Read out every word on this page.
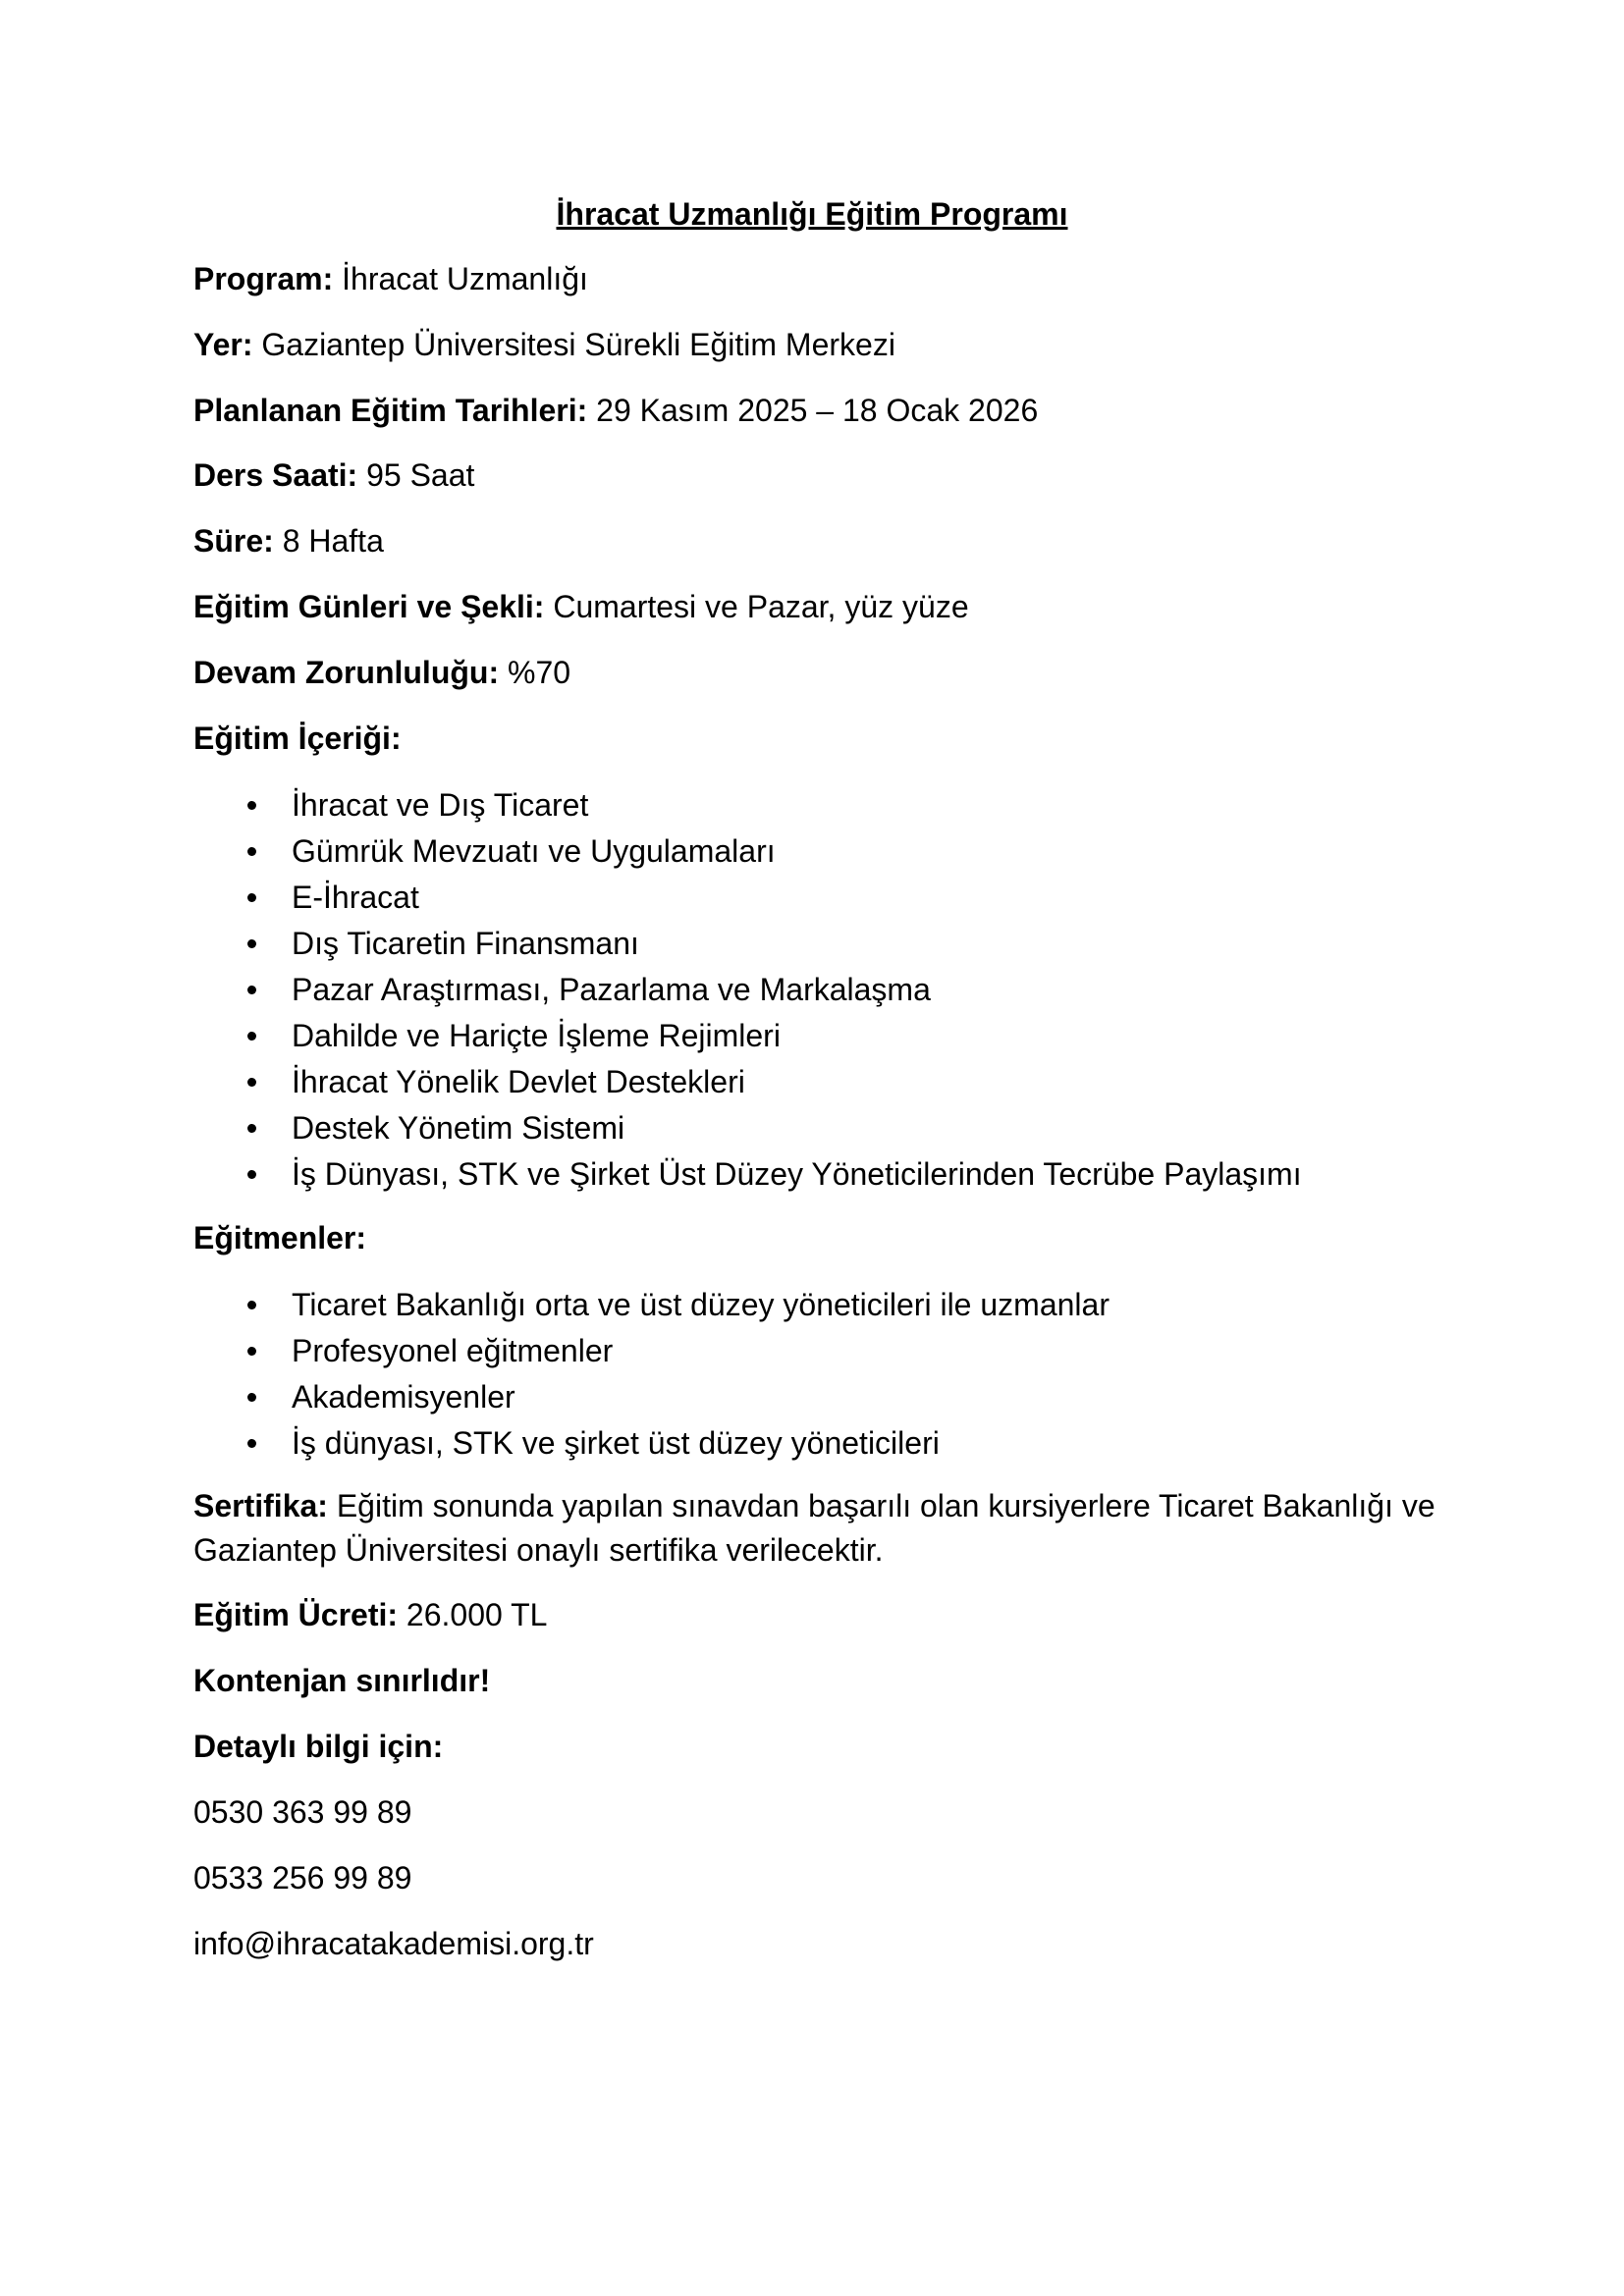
İhracat Uzmanlığı Eğitim Programı

Program: İhracat Uzmanlığı

Yer: Gaziantep Üniversitesi Sürekli Eğitim Merkezi

Planlanan Eğitim Tarihleri: 29 Kasım 2025 – 18 Ocak 2026

Ders Saati: 95 Saat

Süre: 8 Hafta

Eğitim Günleri ve Şekli: Cumartesi ve Pazar, yüz yüze

Devam Zorunluluğu: %70

Eğitim İçeriği:

İhracat ve Dış Ticaret
Gümrük Mevzuatı ve Uygulamaları
E-İhracat
Dış Ticaretin Finansmanı
Pazar Araştırması, Pazarlama ve Markalaşma
Dahilde ve Hariçte İşleme Rejimleri
İhracat Yönelik Devlet Destekleri
Destek Yönetim Sistemi
İş Dünyası, STK ve Şirket Üst Düzey Yöneticilerinden Tecrübe Paylaşımı

Eğitmenler:

Ticaret Bakanlığı orta ve üst düzey yöneticileri ile uzmanlar
Profesyonel eğitmenler
Akademisyenler
İş dünyası, STK ve şirket üst düzey yöneticileri

Sertifika: Eğitim sonunda yapılan sınavdan başarılı olan kursiyerlere Ticaret Bakanlığı ve Gaziantep Üniversitesi onaylı sertifika verilecektir.

Eğitim Ücreti: 26.000 TL

Kontenjan sınırlıdır!

Detaylı bilgi için:

0530 363 99 89

0533 256 99 89

info@ihracatakademisi.org.tr
